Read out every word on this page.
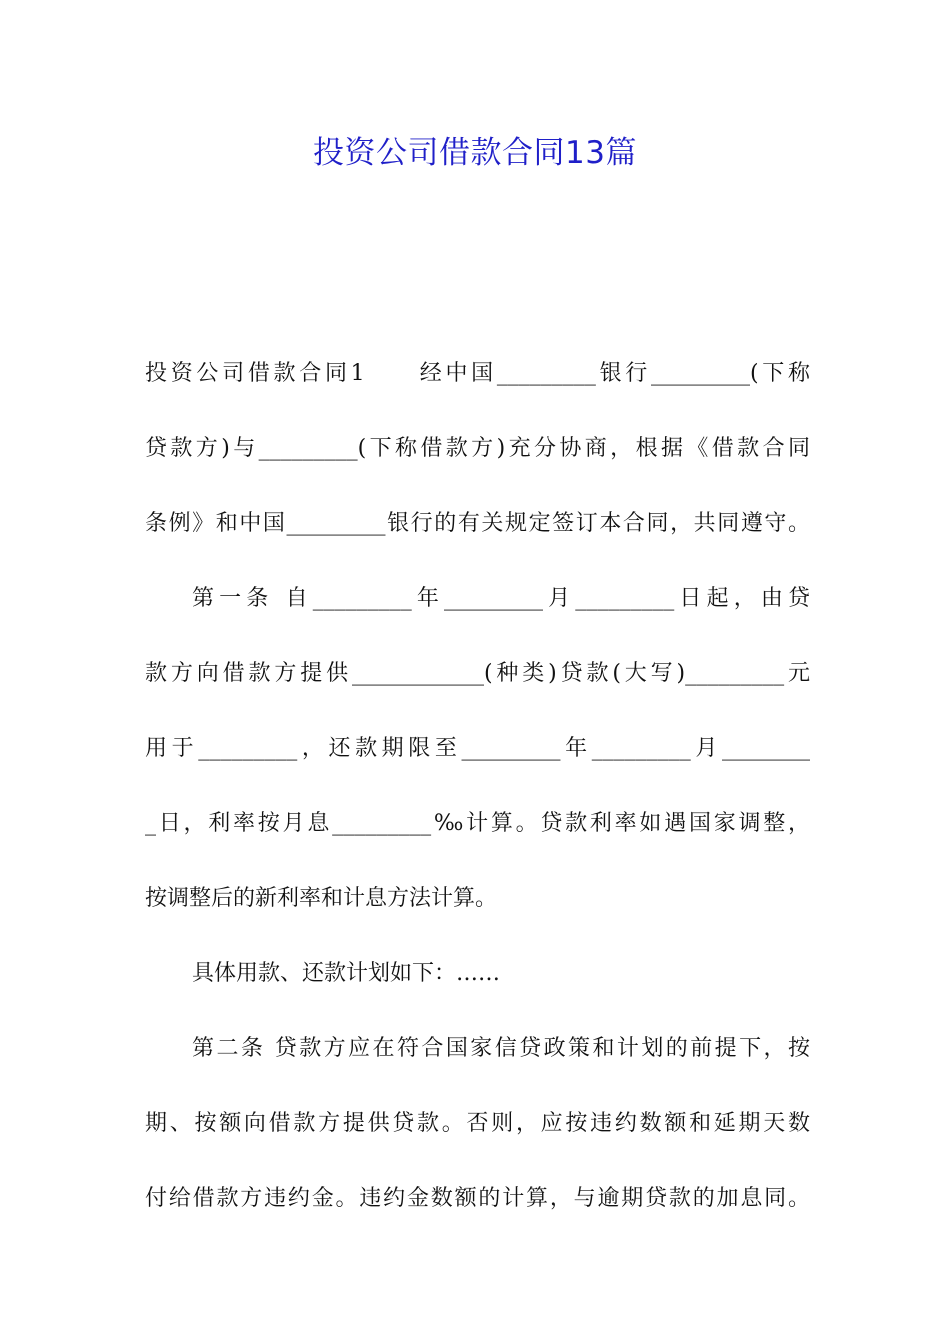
投资公司借款合同13篇
投资公司借款合同1　　经中国_________银行_________(下称
贷款方)与_________(下称借款方)充分协商，根据《借款合同
条例》和中国_________银行的有关规定签订本合同，共同遵守。
第一条 自_________年_________月_________日起，由贷
款方向借款方提供____________(种类)贷款(大写)_________元
用于_________，还款期限至_________年_________月________
_日，利率按月息_________‰计算。贷款利率如遇国家调整，
按调整后的新利率和计息方法计算。
具体用款、还款计划如下：……
第二条 贷款方应在符合国家信贷政策和计划的前提下，按
期、按额向借款方提供贷款。否则，应按违约数额和延期天数
付给借款方违约金。违约金数额的计算，与逾期贷款的加息同。
